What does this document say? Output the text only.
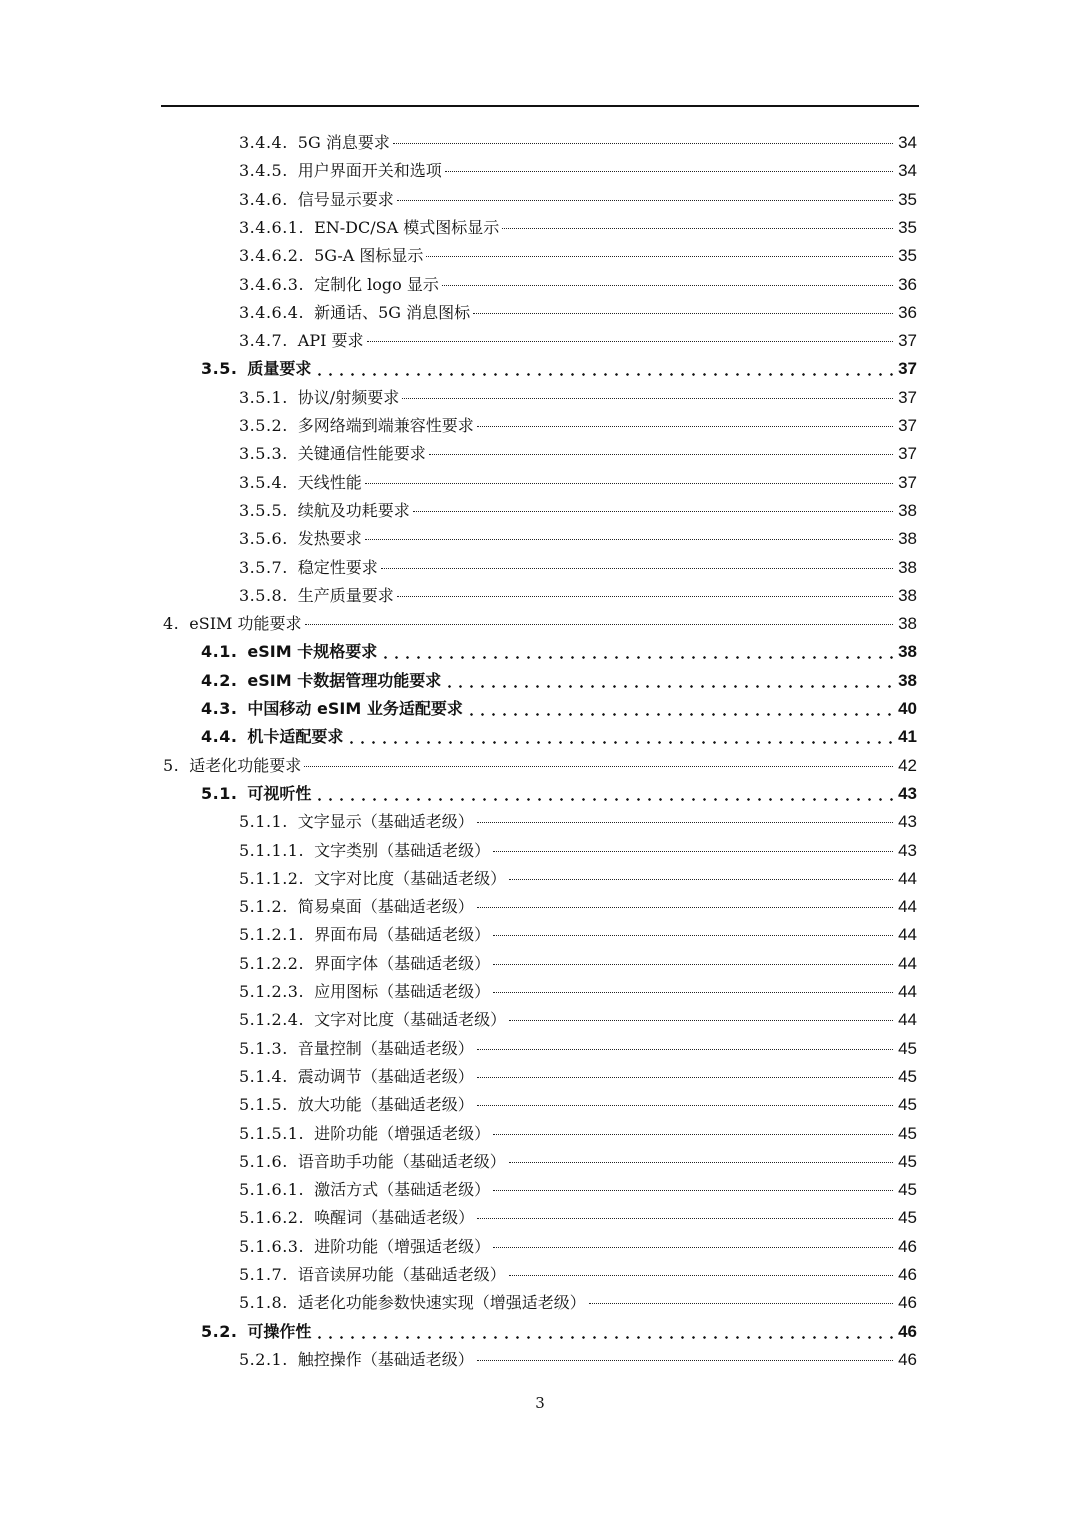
3.4.4. 5G 消息要求	34
3.4.5. 用户界面开关和选项	34
3.4.6. 信号显示要求	35
3.4.6.1. EN-DC/SA 模式图标显示	35
3.4.6.2. 5G-A 图标显示	35
3.4.6.3. 定制化 logo 显示	36
3.4.6.4. 新通话、5G 消息图标	36
3.4.7. API 要求	37
3.5. 质量要求	37
3.5.1. 协议/射频要求	37
3.5.2. 多网络端到端兼容性要求	37
3.5.3. 关键通信性能要求	37
3.5.4. 天线性能	37
3.5.5. 续航及功耗要求	38
3.5.6. 发热要求	38
3.5.7. 稳定性要求	38
3.5.8. 生产质量要求	38
4. eSIM 功能要求	38
4.1. eSIM 卡规格要求	38
4.2. eSIM 卡数据管理功能要求	38
4.3. 中国移动 eSIM 业务适配要求	40
4.4. 机卡适配要求	41
5. 适老化功能要求	42
5.1. 可视听性	43
5.1.1. 文字显示（基础适老级）	43
5.1.1.1. 文字类别（基础适老级）	43
5.1.1.2. 文字对比度（基础适老级）	44
5.1.2. 简易桌面（基础适老级）	44
5.1.2.1. 界面布局（基础适老级）	44
5.1.2.2. 界面字体（基础适老级）	44
5.1.2.3. 应用图标（基础适老级）	44
5.1.2.4. 文字对比度（基础适老级）	44
5.1.3. 音量控制（基础适老级）	45
5.1.4. 震动调节（基础适老级）	45
5.1.5. 放大功能（基础适老级）	45
5.1.5.1. 进阶功能（增强适老级）	45
5.1.6. 语音助手功能（基础适老级）	45
5.1.6.1. 激活方式（基础适老级）	45
5.1.6.2. 唤醒词（基础适老级）	45
5.1.6.3. 进阶功能（增强适老级）	46
5.1.7. 语音读屏功能（基础适老级）	46
5.1.8. 适老化功能参数快速实现（增强适老级）	46
5.2. 可操作性	46
5.2.1. 触控操作（基础适老级）	46
3
